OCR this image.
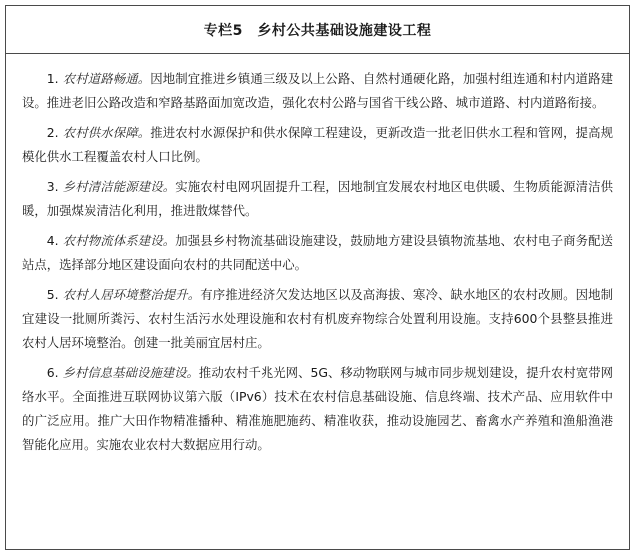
专栏5　乡村公共基础设施建设工程

1. 农村道路畅通。因地制宜推进乡镇通三级及以上公路、自然村通硬化路，加强村组连通和村内道路建设。推进老旧公路改造和窄路基路面加宽改造，强化农村公路与国省干线公路、城市道路、村内道路衔接。

2. 农村供水保障。推进农村水源保护和供水保障工程建设，更新改造一批老旧供水工程和管网，提高规模化供水工程覆盖农村人口比例。

3. 乡村清洁能源建设。实施农村电网巩固提升工程，因地制宜发展农村地区电供暖、生物质能源清洁供暖，加强煤炭清洁化利用，推进散煤替代。

4. 农村物流体系建设。加强县乡村物流基础设施建设，鼓励地方建设县镇物流基地、农村电子商务配送站点，选择部分地区建设面向农村的共同配送中心。

5. 农村人居环境整治提升。有序推进经济欠发达地区以及高海拔、寒冷、缺水地区的农村改厕。因地制宜建设一批厕所粪污、农村生活污水处理设施和农村有机废弃物综合处置利用设施。支持600个县整县推进农村人居环境整治。创建一批美丽宜居村庄。

6. 乡村信息基础设施建设。推动农村千兆光网、5G、移动物联网与城市同步规划建设，提升农村宽带网络水平。全面推进互联网协议第六版（IPv6）技术在农村信息基础设施、信息终端、技术产品、应用软件中的广泛应用。推广大田作物精准播种、精准施肥施药、精准收获，推动设施园艺、畜禽水产养殖和渔船渔港智能化应用。实施农业农村大数据应用行动。
